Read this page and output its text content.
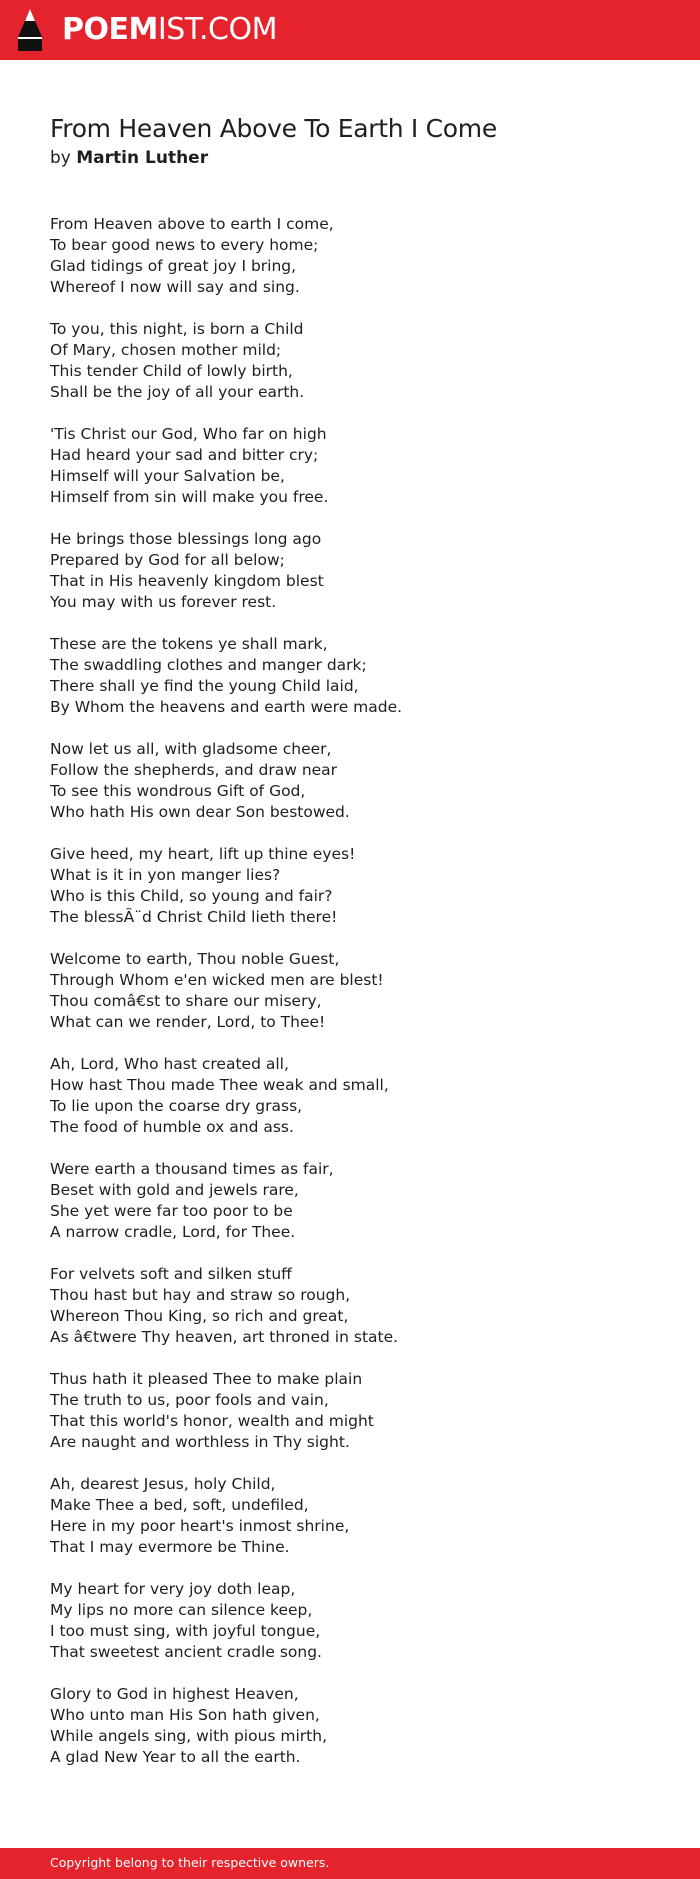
POEMIST.COM
From Heaven Above To Earth I Come
by Martin Luther
From Heaven above to earth I come,
To bear good news to every home;
Glad tidings of great joy I bring,
Whereof I now will say and sing.
To you, this night, is born a Child
Of Mary, chosen mother mild;
This tender Child of lowly birth,
Shall be the joy of all your earth.
'Tis Christ our God, Who far on high
Had heard your sad and bitter cry;
Himself will your Salvation be,
Himself from sin will make you free.
He brings those blessings long ago
Prepared by God for all below;
That in His heavenly kingdom blest
You may with us forever rest.
These are the tokens ye shall mark,
The swaddling clothes and manger dark;
There shall ye find the young Child laid,
By Whom the heavens and earth were made.
Now let us all, with gladsome cheer,
Follow the shepherds, and draw near
To see this wondrous Gift of God,
Who hath His own dear Son bestowed.
Give heed, my heart, lift up thine eyes!
What is it in yon manger lies?
Who is this Child, so young and fair?
The blessÃ¨d Christ Child lieth there!
Welcome to earth, Thou noble Guest,
Through Whom e'en wicked men are blest!
Thou comâ€st to share our misery,
What can we render, Lord, to Thee!
Ah, Lord, Who hast created all,
How hast Thou made Thee weak and small,
To lie upon the coarse dry grass,
The food of humble ox and ass.
Were earth a thousand times as fair,
Beset with gold and jewels rare,
She yet were far too poor to be
A narrow cradle, Lord, for Thee.
For velvets soft and silken stuff
Thou hast but hay and straw so rough,
Whereon Thou King, so rich and great,
As â€twere Thy heaven, art throned in state.
Thus hath it pleased Thee to make plain
The truth to us, poor fools and vain,
That this world's honor, wealth and might
Are naught and worthless in Thy sight.
Ah, dearest Jesus, holy Child,
Make Thee a bed, soft, undefiled,
Here in my poor heart's inmost shrine,
That I may evermore be Thine.
My heart for very joy doth leap,
My lips no more can silence keep,
I too must sing, with joyful tongue,
That sweetest ancient cradle song.
Glory to God in highest Heaven,
Who unto man His Son hath given,
While angels sing, with pious mirth,
A glad New Year to all the earth.
Copyright belong to their respective owners.
